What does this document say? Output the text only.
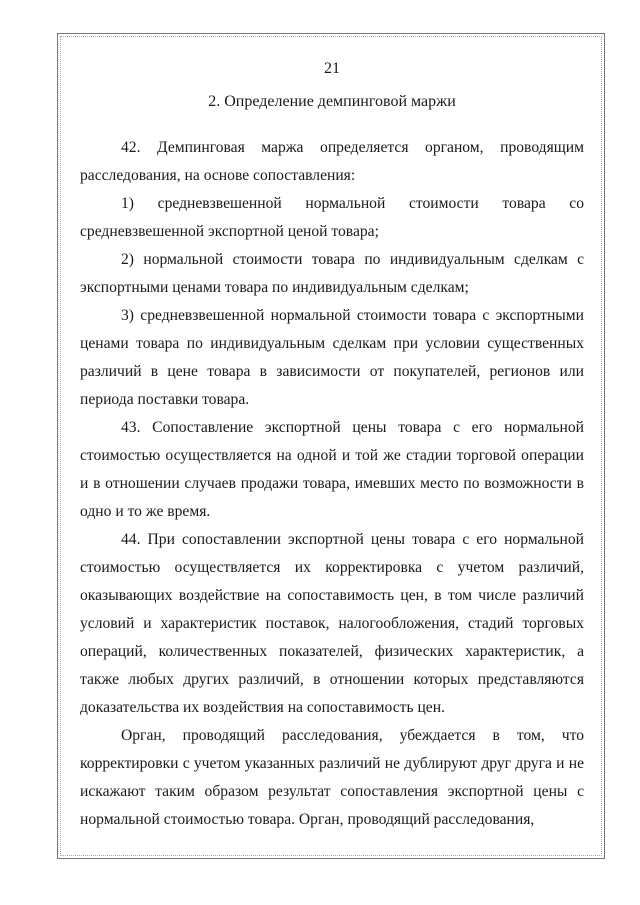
21
2. Определение демпинговой маржи

42. Демпинговая маржа определяется органом, проводящим расследования, на основе сопоставления:

1) средневзвешенной нормальной стоимости товара со средневзвешенной экспортной ценой товара;

2) нормальной стоимости товара по индивидуальным сделкам с экспортными ценами товара по индивидуальным сделкам;

3) средневзвешенной нормальной стоимости товара с экспортными ценами товара по индивидуальным сделкам при условии существенных различий в цене товара в зависимости от покупателей, регионов или периода поставки товара.

43. Сопоставление экспортной цены товара с его нормальной стоимостью осуществляется на одной и той же стадии торговой операции и в отношении случаев продажи товара, имевших место по возможности в одно и то же время.

44. При сопоставлении экспортной цены товара с его нормальной стоимостью осуществляется их корректировка с учетом различий, оказывающих воздействие на сопоставимость цен, в том числе различий условий и характеристик поставок, налогообложения, стадий торговых операций, количественных показателей, физических характеристик, а также любых других различий, в отношении которых представляются доказательства их воздействия на сопоставимость цен.

Орган, проводящий расследования, убеждается в том, что корректировки с учетом указанных различий не дублируют друг друга и не искажают таким образом результат сопоставления экспортной цены с нормальной стоимостью товара. Орган, проводящий расследования,
